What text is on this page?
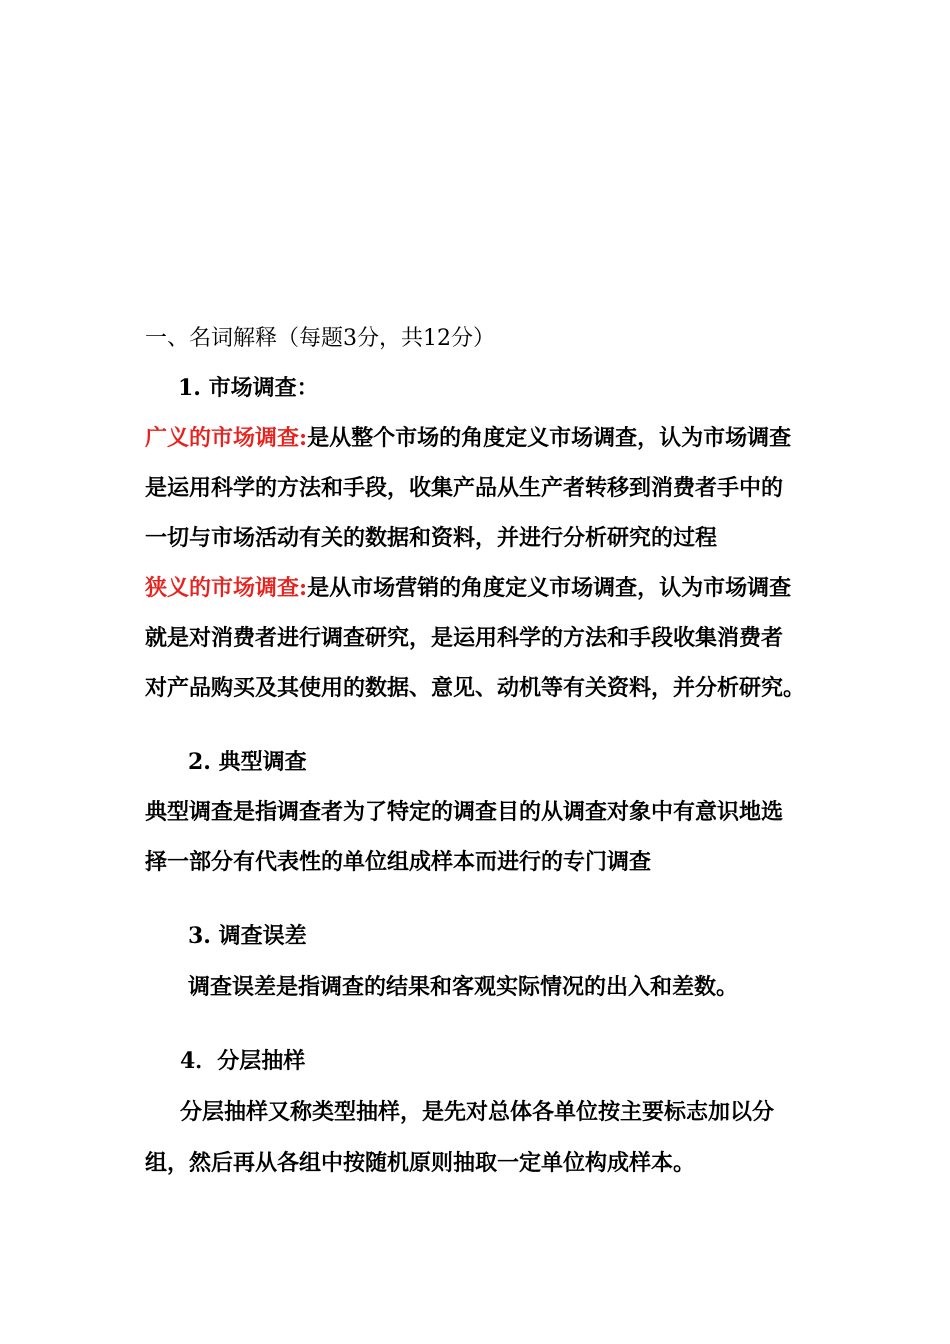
一、名词解释（每题3分，共12分）
1. 市场调查：
广义的市场调查:是从整个市场的角度定义市场调查，认为市场调查
是运用科学的方法和手段，收集产品从生产者转移到消费者手中的
一切与市场活动有关的数据和资料，并进行分析研究的过程
狭义的市场调查:是从市场营销的角度定义市场调查，认为市场调查
就是对消费者进行调查研究，是运用科学的方法和手段收集消费者
对产品购买及其使用的数据、意见、动机等有关资料，并分析研究。
2. 典型调查
典型调查是指调查者为了特定的调查目的从调查对象中有意识地选
择一部分有代表性的单位组成样本而进行的专门调查
3. 调查误差
调查误差是指调查的结果和客观实际情况的出入和差数。
4．分层抽样
分层抽样又称类型抽样，是先对总体各单位按主要标志加以分
组，然后再从各组中按随机原则抽取一定单位构成样本。
